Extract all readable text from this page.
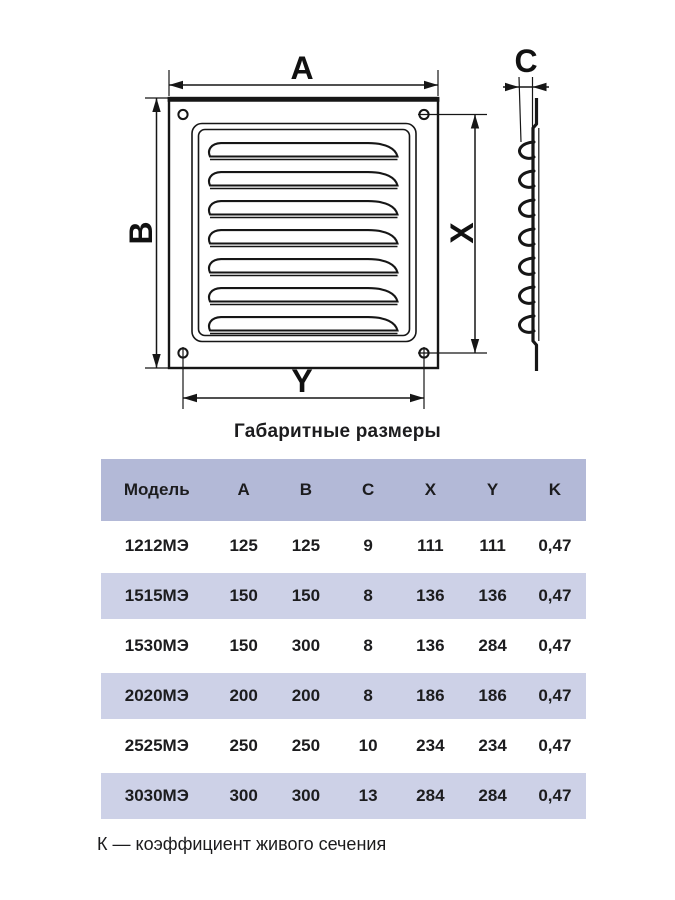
A
B	X
Y
C
Габаритные размеры
Модель	A	B	C	X	Y	K
1212МЭ	125	125	9	111	111	0,47
1515МЭ	150	150	8	136	136	0,47
1530МЭ	150	300	8	136	284	0,47
2020МЭ	200	200	8	186	186	0,47
2525МЭ	250	250	10	234	234	0,47
3030МЭ	300	300	13	284	284	0,47

К — коэффициент живого сечения
